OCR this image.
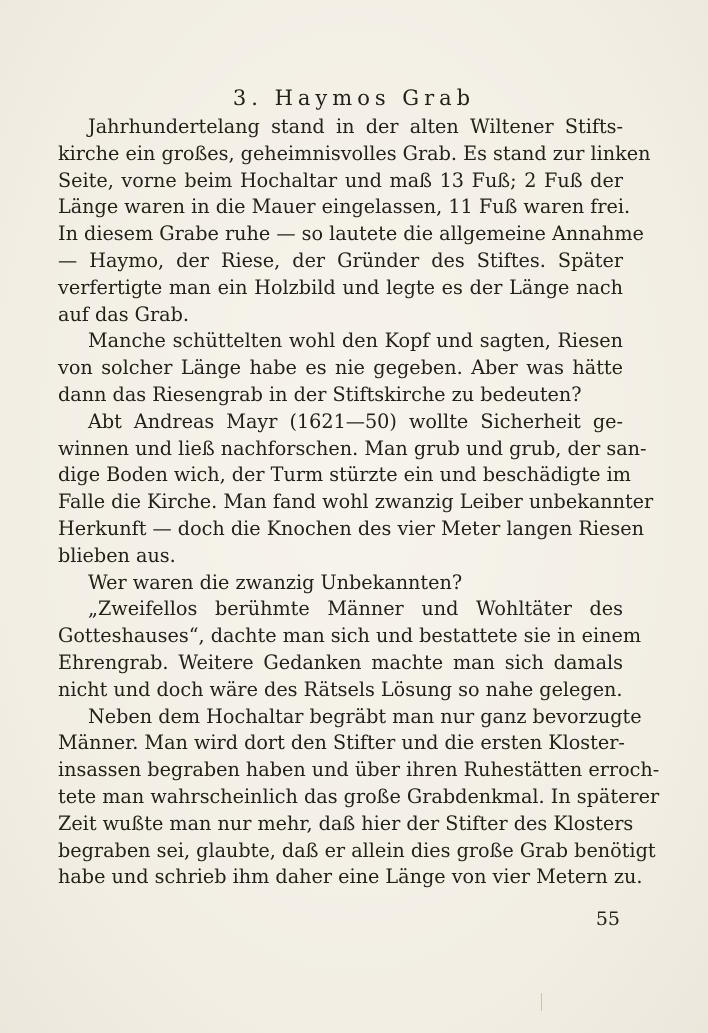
3. Haymos Grab
Jahrhundertelang stand in der alten Wiltener Stifts-
kirche ein großes, geheimnisvolles Grab. Es stand zur linken
Seite, vorne beim Hochaltar und maß 13 Fuß; 2 Fuß der
Länge waren in die Mauer eingelassen, 11 Fuß waren frei.
In diesem Grabe ruhe — so lautete die allgemeine Annahme
— Haymo, der Riese, der Gründer des Stiftes. Später
verfertigte man ein Holzbild und legte es der Länge nach
auf das Grab.
Manche schüttelten wohl den Kopf und sagten, Riesen
von solcher Länge habe es nie gegeben. Aber was hätte
dann das Riesengrab in der Stiftskirche zu bedeuten?
Abt Andreas Mayr (1621—50) wollte Sicherheit ge-
winnen und ließ nachforschen. Man grub und grub, der san-
dige Boden wich, der Turm stürzte ein und beschädigte im
Falle die Kirche. Man fand wohl zwanzig Leiber unbekannter
Herkunft — doch die Knochen des vier Meter langen Riesen
blieben aus.
Wer waren die zwanzig Unbekannten?
„Zweifellos berühmte Männer und Wohltäter des
Gotteshauses“, dachte man sich und bestattete sie in einem
Ehrengrab. Weitere Gedanken machte man sich damals
nicht und doch wäre des Rätsels Lösung so nahe gelegen.
Neben dem Hochaltar begräbt man nur ganz bevorzugte
Männer. Man wird dort den Stifter und die ersten Kloster-
insassen begraben haben und über ihren Ruhestätten erroch-
tete man wahrscheinlich das große Grabdenkmal. In späterer
Zeit wußte man nur mehr, daß hier der Stifter des Klosters
begraben sei, glaubte, daß er allein dies große Grab benötigt
habe und schrieb ihm daher eine Länge von vier Metern zu.
55
